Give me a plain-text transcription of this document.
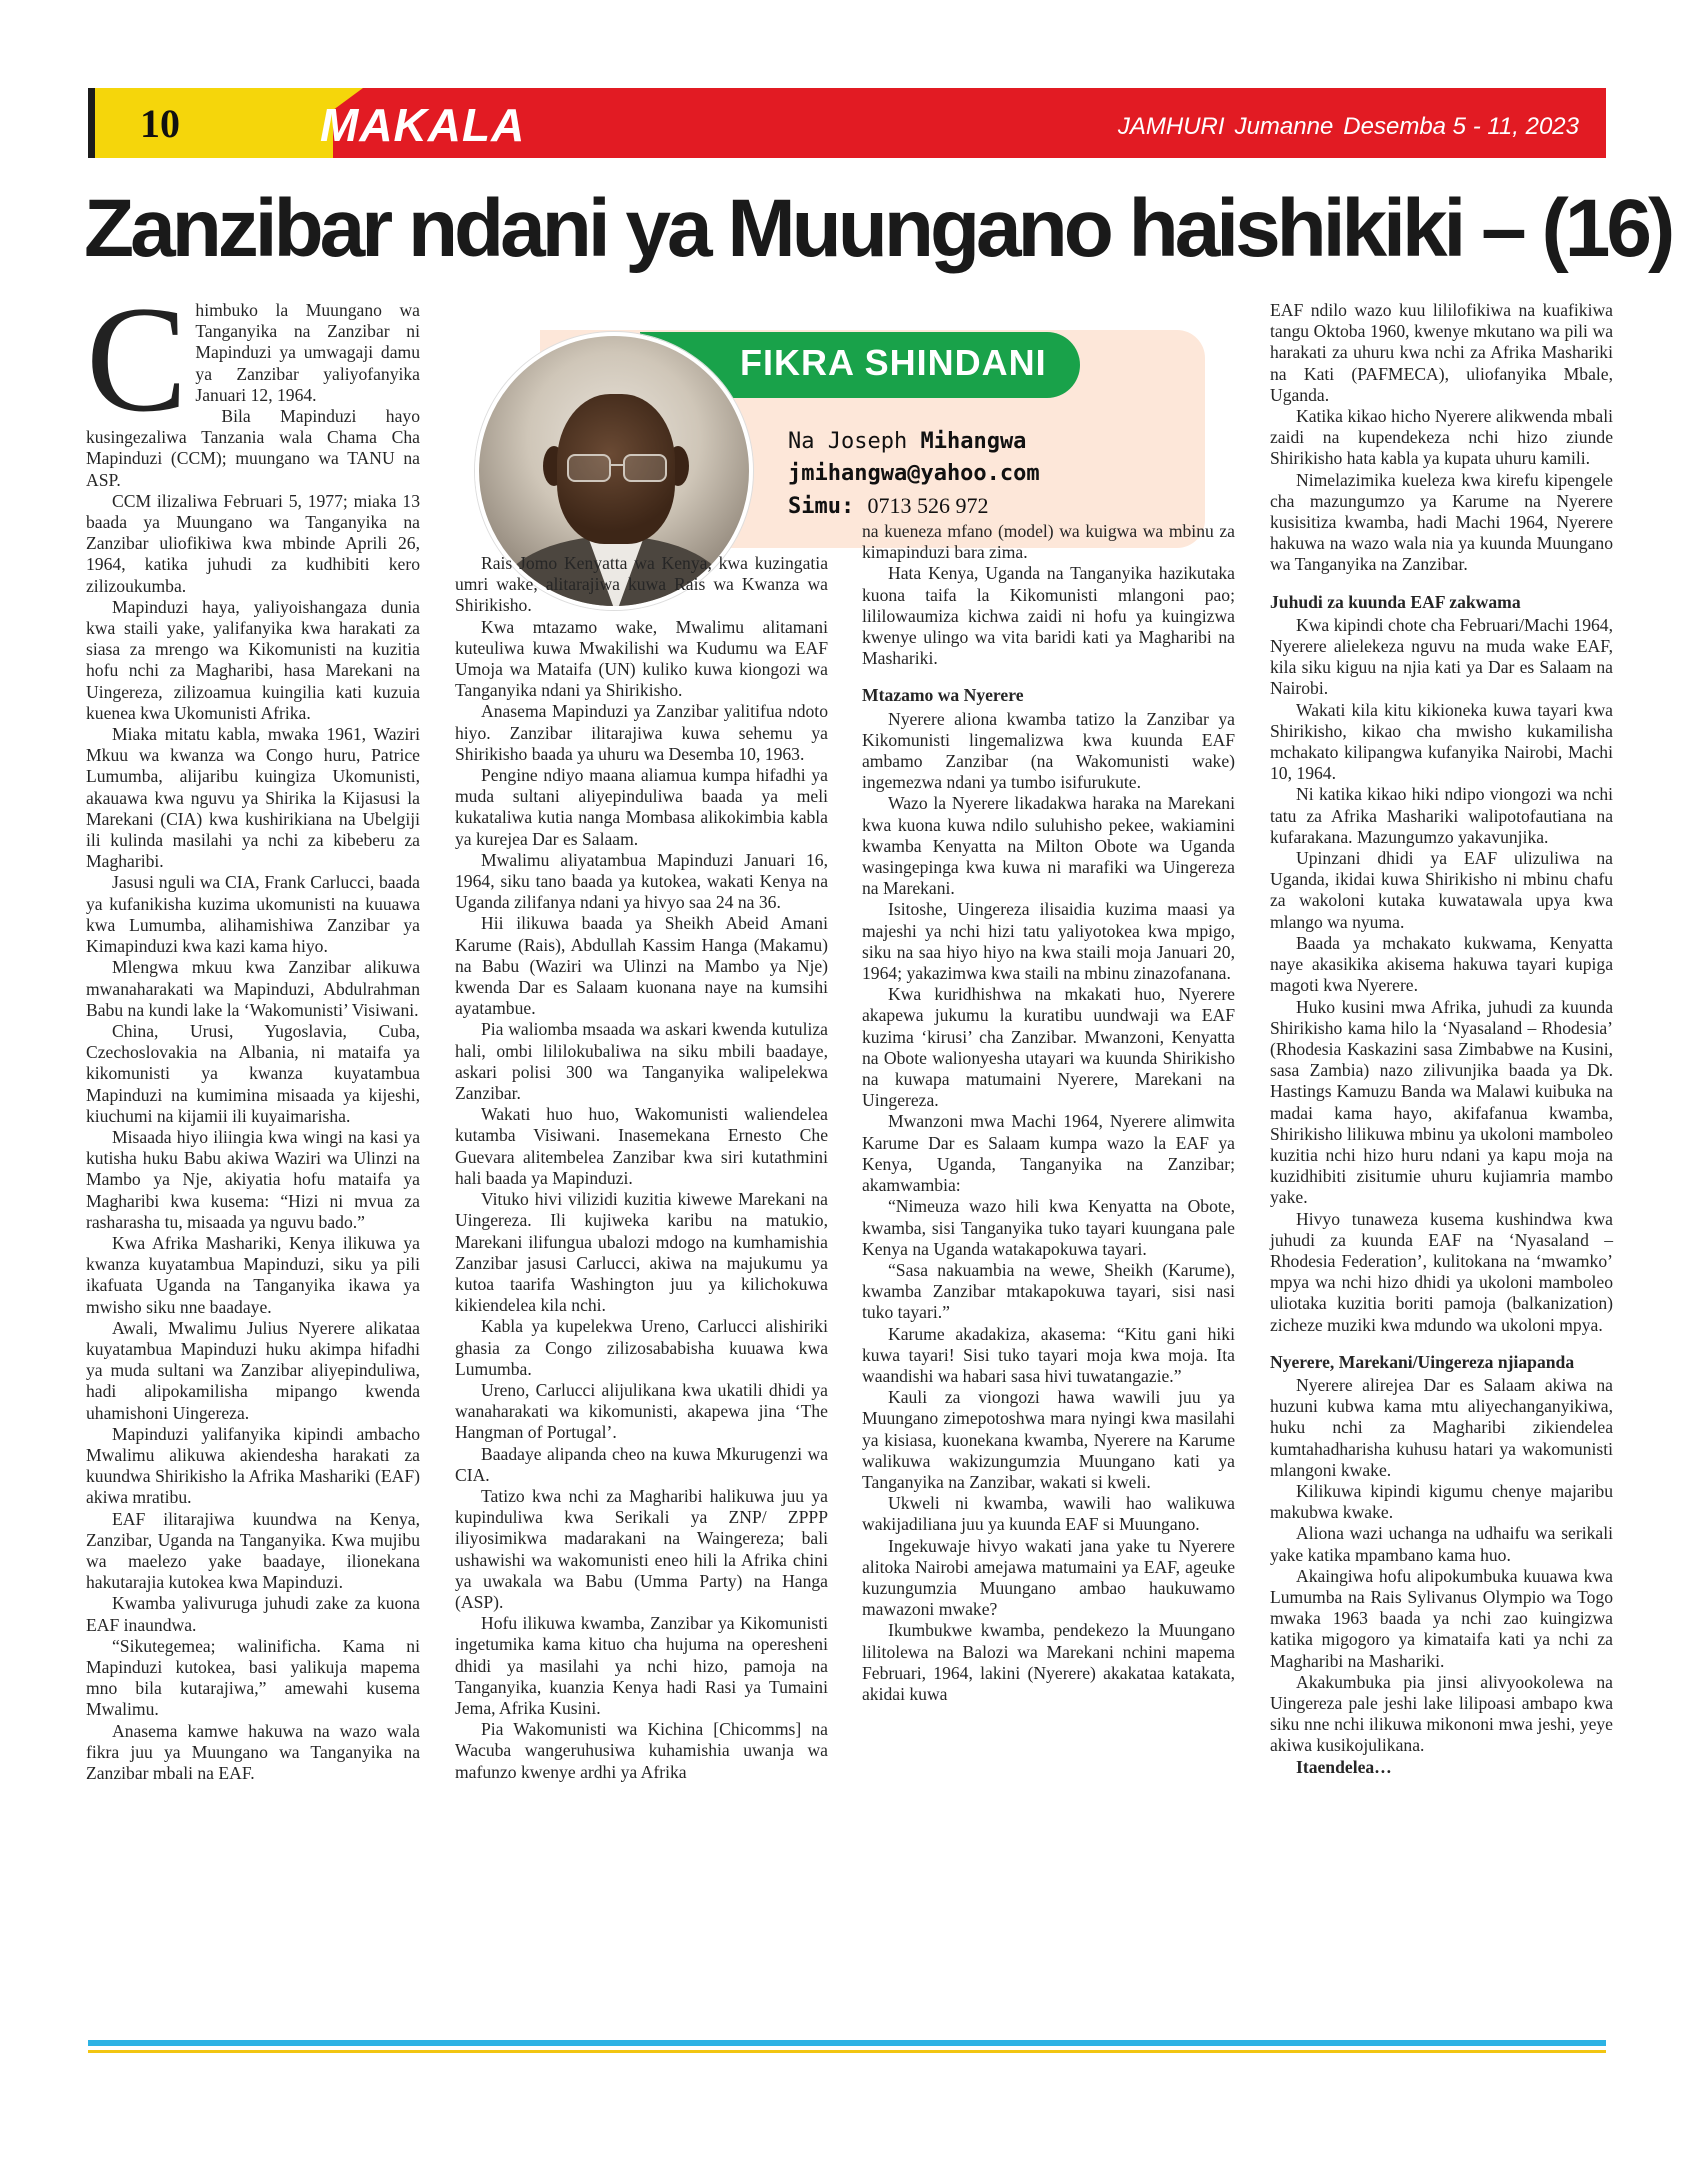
10	MAKALA	JAMHURI Jumanne Desemba 5 - 11, 2023
Zanzibar ndani ya Muungano haishikiki – (16)
FIKRA SHINDANI
Na Joseph Mihangwa
jmihangwa@yahoo.com
Simu: 0713 526 972

Chimbuko la Muungano wa Tanganyika na Zanzibar ni Mapinduzi ya umwagaji damu ya Zanzibar yaliyofanyika Januari 12, 1964.

Bila Mapinduzi hayo kusingezaliwa Tanzania wala Chama Cha Mapinduzi (CCM); muungano wa TANU na ASP.

CCM ilizaliwa Februari 5, 1977; miaka 13 baada ya Muungano wa Tanganyika na Zanzibar uliofikiwa kwa mbinde Aprili 26, 1964, katika juhudi za kudhibiti kero zilizoukumba.

Mapinduzi haya, yaliyoishangaza dunia kwa staili yake, yalifanyika kwa harakati za siasa za mrengo wa Kikomunisti na kuzitia hofu nchi za Magharibi, hasa Marekani na Uingereza, zilizoamua kuingilia kati kuzuia kuenea kwa Ukomunisti Afrika.

Miaka mitatu kabla, mwaka 1961, Waziri Mkuu wa kwanza wa Congo huru, Patrice Lumumba, alijaribu kuingiza Ukomunisti, akauawa kwa nguvu ya Shirika la Kijasusi la Marekani (CIA) kwa kushirikiana na Ubelgiji ili kulinda masilahi ya nchi za kibeberu za Magharibi.

Jasusi nguli wa CIA, Frank Carlucci, baada ya kufanikisha kuzima ukomunisti na kuuawa kwa Lumumba, alihamishiwa Zanzibar ya Kimapinduzi kwa kazi kama hiyo.

Mlengwa mkuu kwa Zanzibar alikuwa mwanaharakati wa Mapinduzi, Abdulrahman Babu na kundi lake la ‘Wakomunisti’ Visiwani.

China, Urusi, Yugoslavia, Cuba, Czechoslovakia na Albania, ni mataifa ya kikomunisti ya kwanza kuyatambua Mapinduzi na kumimina misaada ya kijeshi, kiuchumi na kijamii ili kuyaimarisha.

Misaada hiyo iliingia kwa wingi na kasi ya kutisha huku Babu akiwa Waziri wa Ulinzi na Mambo ya Nje, akiyatia hofu mataifa ya Magharibi kwa kusema: “Hizi ni mvua za rasharasha tu, misaada ya nguvu bado.”

Kwa Afrika Mashariki, Kenya ilikuwa ya kwanza kuyatambua Mapinduzi, siku ya pili ikafuata Uganda na Tanganyika ikawa ya mwisho siku nne baadaye.

Awali, Mwalimu Julius Nyerere alikataa kuyatambua Mapinduzi huku akimpa hifadhi ya muda sultani wa Zanzibar aliyepinduliwa, hadi alipokamilisha mipango kwenda uhamishoni Uingereza.

Mapinduzi yalifanyika kipindi ambacho Mwalimu alikuwa akiendesha harakati za kuundwa Shirikisho la Afrika Mashariki (EAF) akiwa mratibu.

EAF ilitarajiwa kuundwa na Kenya, Zanzibar, Uganda na Tanganyika. Kwa mujibu wa maelezo yake baadaye, ilionekana hakutarajia kutokea kwa Mapinduzi.

Kwamba yalivuruga juhudi zake za kuona EAF inaundwa.

“Sikutegemea; walinificha. Kama ni Mapinduzi kutokea, basi yalikuja mapema mno bila kutarajiwa,” amewahi kusema Mwalimu.

Anasema kamwe hakuwa na wazo wala fikra juu ya Muungano wa Tanganyika na Zanzibar mbali na EAF.

Rais Jomo Kenyatta wa Kenya, kwa kuzingatia umri wake, alitarajiwa kuwa Rais wa Kwanza wa Shirikisho.

Kwa mtazamo wake, Mwalimu alitamani kuteuliwa kuwa Mwakilishi wa Kudumu wa EAF Umoja wa Mataifa (UN) kuliko kuwa kiongozi wa Tanganyika ndani ya Shirikisho.

Anasema Mapinduzi ya Zanzibar yalitifua ndoto hiyo. Zanzibar ilitarajiwa kuwa sehemu ya Shirikisho baada ya uhuru wa Desemba 10, 1963.

Pengine ndiyo maana aliamua kumpa hifadhi ya muda sultani aliyepinduliwa baada ya meli kukataliwa kutia nanga Mombasa alikokimbia kabla ya kurejea Dar es Salaam.

Mwalimu aliyatambua Mapinduzi Januari 16, 1964, siku tano baada ya kutokea, wakati Kenya na Uganda zilifanya ndani ya hivyo saa 24 na 36.

Hii ilikuwa baada ya Sheikh Abeid Amani Karume (Rais), Abdullah Kassim Hanga (Makamu) na Babu (Waziri wa Ulinzi na Mambo ya Nje) kwenda Dar es Salaam kuonana naye na kumsihi ayatambue.

Pia waliomba msaada wa askari kwenda kutuliza hali, ombi lililokubaliwa na siku mbili baadaye, askari polisi 300 wa Tanganyika walipelekwa Zanzibar.

Wakati huo huo, Wakomunisti waliendelea kutamba Visiwani. Inasemekana Ernesto Che Guevara alitembelea Zanzibar kwa siri kutathmini hali baada ya Mapinduzi.

Vituko hivi vilizidi kuzitia kiwewe Marekani na Uingereza. Ili kujiweka karibu na matukio, Marekani ilifungua ubalozi mdogo na kumhamishia Zanzibar jasusi Carlucci, akiwa na majukumu ya kutoa taarifa Washington juu ya kilichokuwa kikiendelea kila nchi.

Kabla ya kupelekwa Ureno, Carlucci alishiriki ghasia za Congo zilizosababisha kuuawa kwa Lumumba.

Ureno, Carlucci alijulikana kwa ukatili dhidi ya wanaharakati wa kikomunisti, akapewa jina ‘The Hangman of Portugal’.

Baadaye alipanda cheo na kuwa Mkurugenzi wa CIA.

Tatizo kwa nchi za Magharibi halikuwa juu ya kupinduliwa kwa Serikali ya ZNP/ ZPPP iliyosimikwa madarakani na Waingereza; bali ushawishi wa wakomunisti eneo hili la Afrika chini ya uwakala wa Babu (Umma Party) na Hanga (ASP).

Hofu ilikuwa kwamba, Zanzibar ya Kikomunisti ingetumika kama kituo cha hujuma na operesheni dhidi ya masilahi ya nchi hizo, pamoja na Tanganyika, kuanzia Kenya hadi Rasi ya Tumaini Jema, Afrika Kusini.

Pia Wakomunisti wa Kichina [Chicomms] na Wacuba wangeruhusiwa kuhamishia uwanja wa mafunzo kwenye ardhi ya Afrika

na kueneza mfano (model) wa kuigwa wa mbinu za kimapinduzi bara zima.

Hata Kenya, Uganda na Tanganyika hazikutaka kuona taifa la Kikomunisti mlangoni pao; lililowaumiza kichwa zaidi ni hofu ya kuingizwa kwenye ulingo wa vita baridi kati ya Magharibi na Mashariki.

Mtazamo wa Nyerere

Nyerere aliona kwamba tatizo la Zanzibar ya Kikomunisti lingemalizwa kwa kuunda EAF ambamo Zanzibar (na Wakomunisti wake) ingemezwa ndani ya tumbo isifurukute.

Wazo la Nyerere likadakwa haraka na Marekani kwa kuona kuwa ndilo suluhisho pekee, wakiamini kwamba Kenyatta na Milton Obote wa Uganda wasingepinga kwa kuwa ni marafiki wa Uingereza na Marekani.

Isitoshe, Uingereza ilisaidia kuzima maasi ya majeshi ya nchi hizi tatu yaliyotokea kwa mpigo, siku na saa hiyo hiyo na kwa staili moja Januari 20, 1964; yakazimwa kwa staili na mbinu zinazofanana.

Kwa kuridhishwa na mkakati huo, Nyerere akapewa jukumu la kuratibu uundwaji wa EAF kuzima ‘kirusi’ cha Zanzibar. Mwanzoni, Kenyatta na Obote walionyesha utayari wa kuunda Shirikisho na kuwapa matumaini Nyerere, Marekani na Uingereza.

Mwanzoni mwa Machi 1964, Nyerere alimwita Karume Dar es Salaam kumpa wazo la EAF ya Kenya, Uganda, Tanganyika na Zanzibar; akamwambia:

“Nimeuza wazo hili kwa Kenyatta na Obote, kwamba, sisi Tanganyika tuko tayari kuungana pale Kenya na Uganda watakapokuwa tayari.

“Sasa nakuambia na wewe, Sheikh (Karume), kwamba Zanzibar mtakapokuwa tayari, sisi nasi tuko tayari.”

Karume akadakiza, akasema: “Kitu gani hiki kuwa tayari! Sisi tuko tayari moja kwa moja. Ita waandishi wa habari sasa hivi tuwatangazie.”

Kauli za viongozi hawa wawili juu ya Muungano zimepotoshwa mara nyingi kwa masilahi ya kisiasa, kuonekana kwamba, Nyerere na Karume walikuwa wakizungumzia Muungano kati ya Tanganyika na Zanzibar, wakati si kweli.

Ukweli ni kwamba, wawili hao walikuwa wakijadiliana juu ya kuunda EAF si Muungano.

Ingekuwaje hivyo wakati jana yake tu Nyerere alitoka Nairobi amejawa matumaini ya EAF, ageuke kuzungumzia Muungano ambao haukuwamo mawazoni mwake?

Ikumbukwe kwamba, pendekezo la Muungano lilitolewa na Balozi wa Marekani nchini mapema Februari, 1964, lakini (Nyerere) akakataa katakata, akidai kuwa

EAF ndilo wazo kuu lililofikiwa na kuafikiwa tangu Oktoba 1960, kwenye mkutano wa pili wa harakati za uhuru kwa nchi za Afrika Mashariki na Kati (PAFMECA), uliofanyika Mbale, Uganda.

Katika kikao hicho Nyerere alikwenda mbali zaidi na kupendekeza nchi hizo ziunde Shirikisho hata kabla ya kupata uhuru kamili.

Nimelazimika kueleza kwa kirefu kipengele cha mazungumzo ya Karume na Nyerere kusisitiza kwamba, hadi Machi 1964, Nyerere hakuwa na wazo wala nia ya kuunda Muungano wa Tanganyika na Zanzibar.

Juhudi za kuunda EAF zakwama

Kwa kipindi chote cha Februari/Machi 1964, Nyerere alielekeza nguvu na muda wake EAF, kila siku kiguu na njia kati ya Dar es Salaam na Nairobi.

Wakati kila kitu kikioneka kuwa tayari kwa Shirikisho, kikao cha mwisho kukamilisha mchakato kilipangwa kufanyika Nairobi, Machi 10, 1964.

Ni katika kikao hiki ndipo viongozi wa nchi tatu za Afrika Mashariki walipotofautiana na kufarakana. Mazungumzo yakavunjika.

Upinzani dhidi ya EAF ulizuliwa na Uganda, ikidai kuwa Shirikisho ni mbinu chafu za wakoloni kutaka kuwatawala upya kwa mlango wa nyuma.

Baada ya mchakato kukwama, Kenyatta naye akasikika akisema hakuwa tayari kupiga magoti kwa Nyerere.

Huko kusini mwa Afrika, juhudi za kuunda Shirikisho kama hilo la ‘Nyasaland – Rhodesia’ (Rhodesia Kaskazini sasa Zimbabwe na Kusini, sasa Zambia) nazo zilivunjika baada ya Dk. Hastings Kamuzu Banda wa Malawi kuibuka na madai kama hayo, akifafanua kwamba, Shirikisho lilikuwa mbinu ya ukoloni mamboleo kuzitia nchi hizo huru ndani ya kapu moja na kuzidhibiti zisitumie uhuru kujiamria mambo yake.

Hivyo tunaweza kusema kushindwa kwa juhudi za kuunda EAF na ‘Nyasaland – Rhodesia Federation’, kulitokana na ‘mwamko’ mpya wa nchi hizo dhidi ya ukoloni mamboleo uliotaka kuzitia boriti pamoja (balkanization) zicheze muziki kwa mdundo wa ukoloni mpya.

Nyerere, Marekani/Uingereza njiapanda

Nyerere alirejea Dar es Salaam akiwa na huzuni kubwa kama mtu aliyechanganyikiwa, huku nchi za Magharibi zikiendelea kumtahadharisha kuhusu hatari ya wakomunisti mlangoni kwake.

Kilikuwa kipindi kigumu chenye majaribu makubwa kwake.

Aliona wazi uchanga na udhaifu wa serikali yake katika mpambano kama huo.

Akaingiwa hofu alipokumbuka kuuawa kwa Lumumba na Rais Sylivanus Olympio wa Togo mwaka 1963 baada ya nchi zao kuingizwa katika migogoro ya kimataifa kati ya nchi za Magharibi na Mashariki.

Akakumbuka pia jinsi alivyookolewa na Uingereza pale jeshi lake lilipoasi ambapo kwa siku nne nchi ilikuwa mikononi mwa jeshi, yeye akiwa kusikojulikana.

Itaendelea…
